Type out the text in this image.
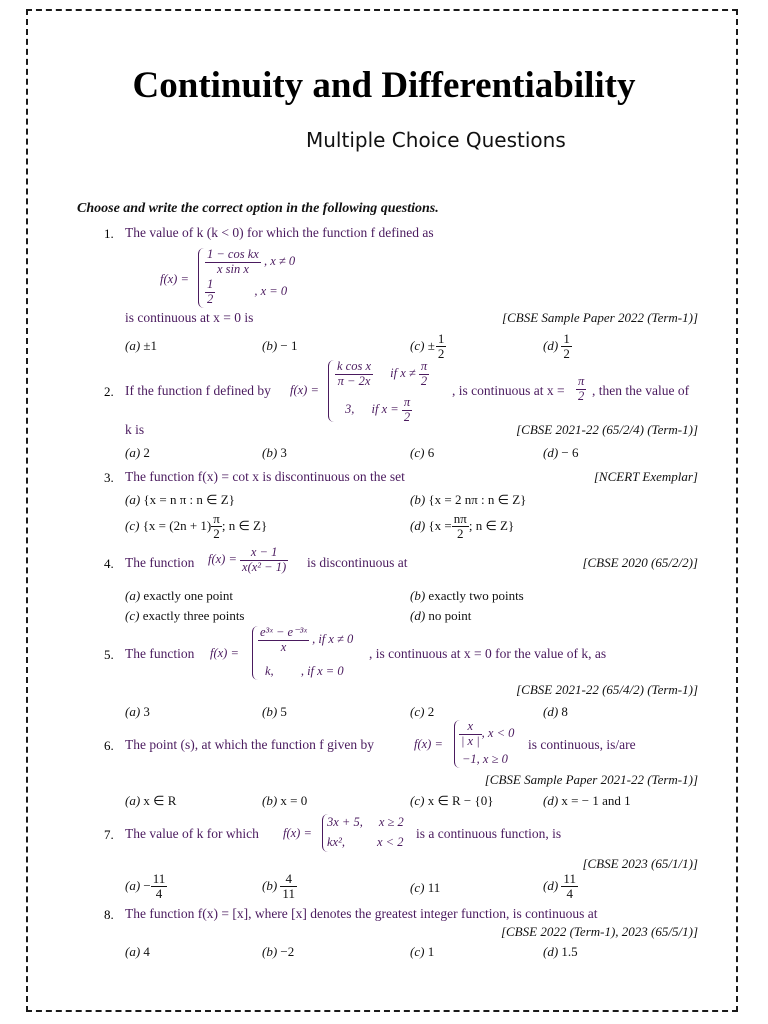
Continuity and Differentiability
Multiple Choice Questions
Choose and write the correct option in the following questions.
1. The value of k (k < 0) for which the function f defined as
f(x) =
$\frac{\text{1 − cos kx}}{\text{x sin x}}$ , x ≠ 0
$\frac{1}{2}$	, x = 0
is continuous at x = 0 is	[CBSE Sample Paper 2022 (Term-1)]
(a) ±1	(b) − 1	$(c) \pm \frac{1}{2}$	$(d) \frac{1}{2}$
2. If the function f defined by f(x) =
$\frac{\text{k cos x}}{\pi - 2x}$ if $x \ne \frac{\pi}{2}$
3, if $x = \frac{\pi}{2}$
, is continuous at $x = \frac{\pi}{2}$ , then the value of
k is	[CBSE 2021-22 (65/2/4) (Term-1)]
(a) 2	(b) 3	(c) 6	(d) − 6
3. The function f(x) = cot x is discontinuous on the set	[NCERT Exemplar]
(a) {x = n π : n ∈ Z}	(b) {x = 2 nπ : n ∈ Z}
(c) {$x = (2n + 1) \frac{\pi}{2}$ ; n ∈ Z}	(d) {$x = \frac{n\pi}{2}$ ; n ∈ Z}
4. The function $f(x) = \frac{x - 1}{\text{x(x² − 1)}}$ is discontinuous at	[CBSE 2020 (65/2/2)]
(a) exactly one point	(b) exactly two points
(c) exactly three points	(d) no point
5. The function $f(x) = \frac{\text{e³ˣ − e⁻³ˣ}}{x}$ , if x ≠ 0
k, , if x = 0
, is continuous at x = 0 for the value of k, as
[CBSE 2021-22 (65/4/2) (Term-1)]
(a) 3	(b) 5	(c) 2	(d) 8
6. The point (s), at which the function f given by	$f(x) = \frac{x}{| x |}$ , x < 0
−1, x ≥ 0
is continuous, is/are
[CBSE Sample Paper 2021-22 (Term-1)]
(a) x ∈ R	(b) x = 0	(c) x ∈ R − {0}	(d) x = − 1 and 1
7. The value of k for which f(x) =
3x + 5, x ≥ 2
kx²,	x < 2
is a continuous function, is
[CBSE 2023 (65/1/1)]
$(a) - \frac{11}{4}$	$(b) \frac{4}{11}$	(c) 11	$(d) \frac{11}{4}$
8. The function f(x) = [x], where [x] denotes the greatest integer function, is continuous at
[CBSE 2022 (Term-1), 2023 (65/5/1)]
(a) 4	(b) −2	(c) 1	(d) 1.5
